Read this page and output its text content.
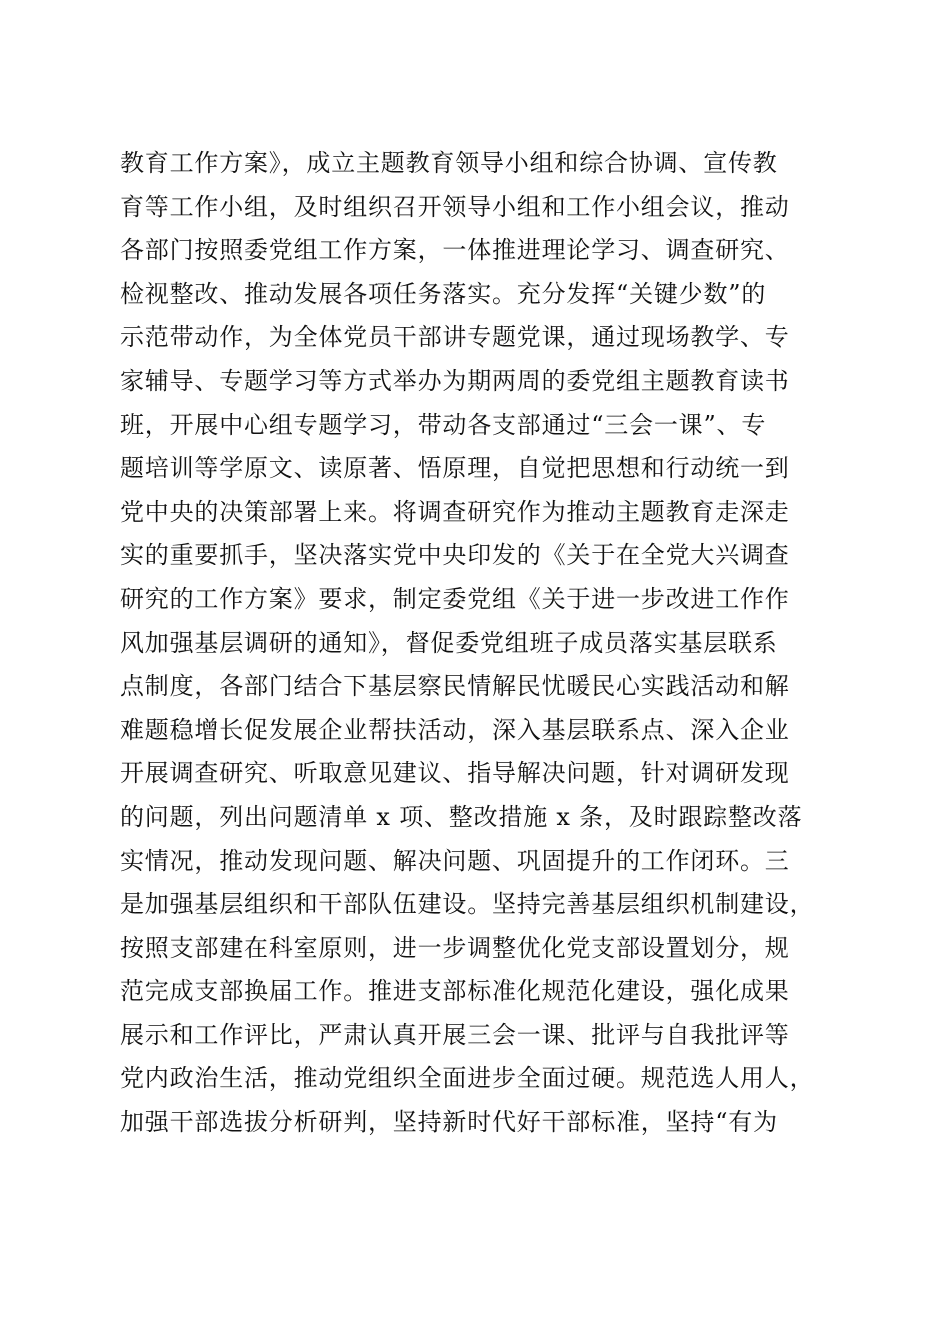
教育工作方案》，成立主题教育领导小组和综合协调、宣传教
育等工作小组，及时组织召开领导小组和工作小组会议，推动
各部门按照委党组工作方案，一体推进理论学习、调查研究、
检视整改、推动发展各项任务落实。充分发挥“关键少数”的
示范带动作，为全体党员干部讲专题党课，通过现场教学、专
家辅导、专题学习等方式举办为期两周的委党组主题教育读书
班，开展中心组专题学习，带动各支部通过“三会一课”、专
题培训等学原文、读原著、悟原理，自觉把思想和行动统一到
党中央的决策部署上来。将调查研究作为推动主题教育走深走
实的重要抓手，坚决落实党中央印发的《关于在全党大兴调查
研究的工作方案》要求，制定委党组《关于进一步改进工作作
风加强基层调研的通知》，督促委党组班子成员落实基层联系
点制度，各部门结合下基层察民情解民忧暖民心实践活动和解
难题稳增长促发展企业帮扶活动，深入基层联系点、深入企业
开展调查研究、听取意见建议、指导解决问题，针对调研发现
的问题，列出问题清单 x 项、整改措施 x 条，及时跟踪整改落
实情况，推动发现问题、解决问题、巩固提升的工作闭环。三
是加强基层组织和干部队伍建设。坚持完善基层组织机制建设，
按照支部建在科室原则，进一步调整优化党支部设置划分，规
范完成支部换届工作。推进支部标准化规范化建设，强化成果
展示和工作评比，严肃认真开展三会一课、批评与自我批评等
党内政治生活，推动党组织全面进步全面过硬。规范选人用人，
加强干部选拔分析研判，坚持新时代好干部标准，坚持“有为
